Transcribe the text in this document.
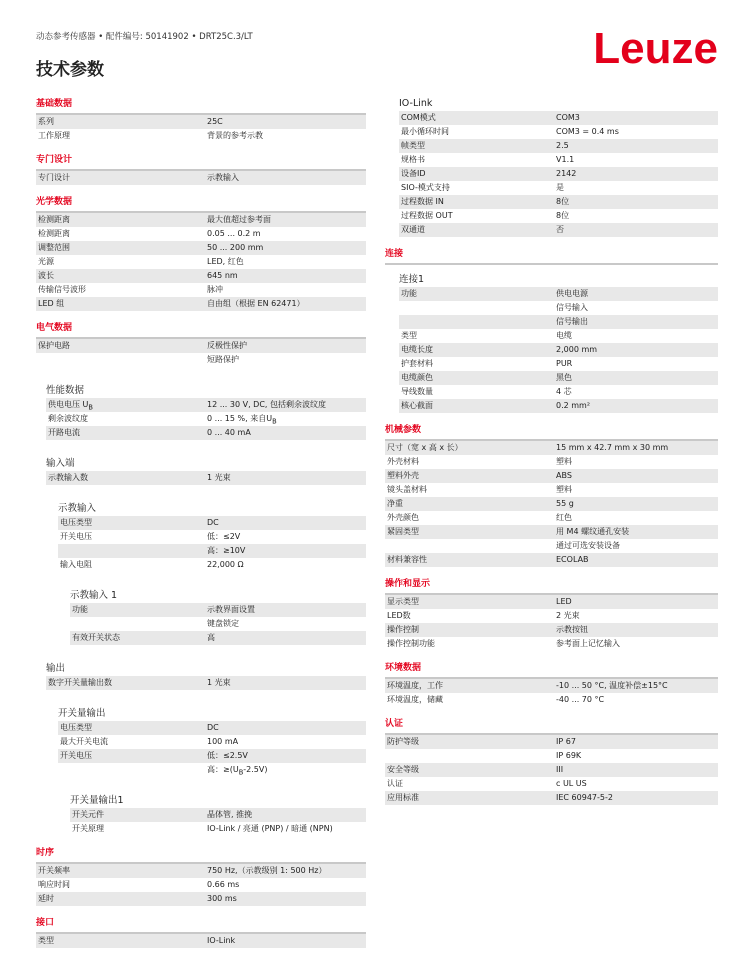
动态参考传感器 • 配件编号: 50141902 • DRT25C.3/LT
技术参数	Leuze
基础数据
系列	25C
工作原理	背景的参考示教
专门设计
专门设计	示教输入
光学数据
检测距离	最大值超过参考面
检测距离	0.05 ... 0.2 m
调整范围	50 ... 200 mm
光源	LED, 红色
波长	645 nm
传输信号波形	脉冲
LED 组	自由组（根据 EN 62471）
电气数据
保护电路	反极性保护
短路保护
性能数据
供电电压 $U_B$	12 ... 30 V, DC, 包括剩余波纹度
剩余波纹度	0 ... 15 %, 来自$U_B$
开路电流	0 ... 40 mA
输入端
示教输入数	1 光束
示教输入
电压类型	DC
开关电压	低：≤2V
高：≥10V
输入电阻	22,000 Ω
示教输入 1
功能	示教界面设置
键盘锁定
有效开关状态	高
输出
数字开关量输出数	1 光束
开关量输出
电压类型	DC
最大开关电流	100 mA
开关电压	低：≤2.5V
高：$\ge(U_B-2.5V)$
开关量输出1
开关元件	晶体管, 推挽
开关原理	IO-Link / 亮通 (PNP) / 暗通 (NPN)
时序
开关频率	750 Hz,（示教级别 1: 500 Hz）
响应时间	0.66 ms
延时	300 ms
接口
类型	IO-Link
IO-Link
COM模式	COM3
最小循环时间	COM3 = 0.4 ms
帧类型	2.5
规格书	V1.1
设备ID	2142
SIO-模式支持	是
过程数据 IN	8位
过程数据 OUT	8位
双通道	否
连接
连接1
功能	供电电源
信号输入
信号输出
类型	电缆
电缆长度	2,000 mm
护套材料	PUR
电缆颜色	黑色
导线数量	4 芯
核心截面	0.2 mm²
机械参数
尺寸（宽 x 高 x 长）	15 mm x 42.7 mm x 30 mm
外壳材料	塑料
塑料外壳	ABS
镜头盖材料	塑料
净重	55 g
外壳颜色	红色
紧固类型	用 M4 螺纹通孔安装
通过可选安装设备
材料兼容性	ECOLAB
操作和显示
显示类型	LED
LED数	2 光束
操作控制	示教按钮
操作控制功能	参考面上记忆输入
环境数据
环境温度，工作	-10 ... 50 °C, 温度补偿±15°C
环境温度，储藏	-40 ... 70 °C
认证
防护等级	IP 67
IP 69K
安全等级	III
认证	c UL US
应用标准	IEC 60947-5-2
